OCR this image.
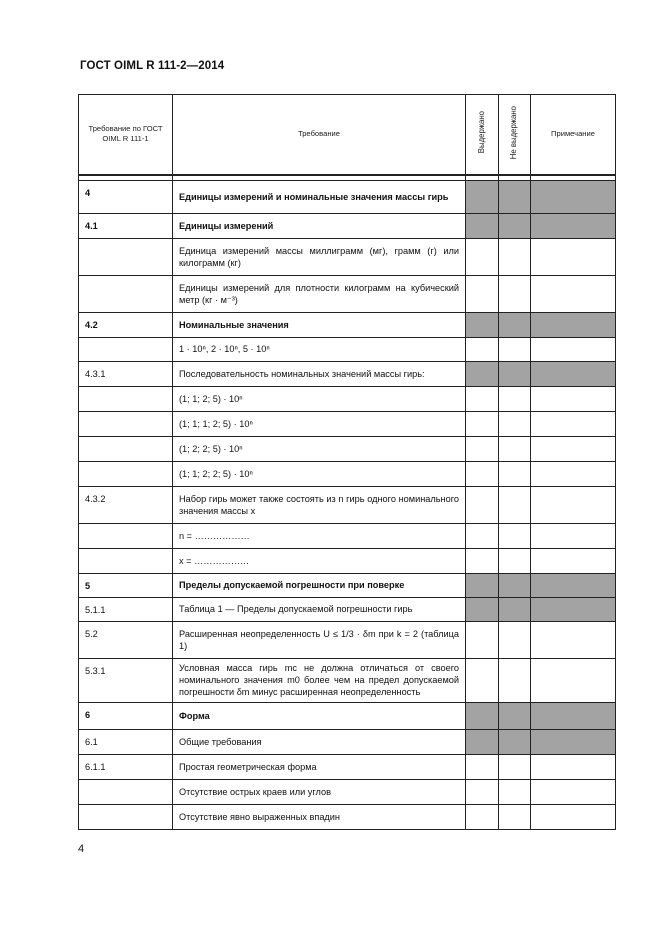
ГОСТ OIML R 111-2—2014
Требование по ГОСТ OIML R 111-1	Требование	Выдержано	Не выдержано	Примечание

4	Единицы измерений и номинальные значения массы гирь			
4.1	Единицы измерений			
	Единица измерений массы миллиграмм (мг), грамм (г) или килограмм (кг)			
	Единицы измерений для плотности килограмм на кубический метр (кг · м⁻³)			
4.2	Номинальные значения			
	1 · 10ⁿ, 2 · 10ⁿ, 5 · 10ⁿ			
4.3.1	Последовательность номинальных значений массы гирь:			
	(1; 1; 2; 5) · 10ⁿ			
	(1; 1; 1; 2; 5) · 10ⁿ			
	(1; 2; 2; 5) · 10ⁿ			
	(1; 1; 2; 2; 5) · 10ⁿ			
4.3.2	Набор гирь может также состоять из n гирь одного номинального значения массы x			
	n = ………………			
	x = ………………			
5	Пределы допускаемой погрешности при поверке			
5.1.1	Таблица 1 — Пределы допускаемой погрешности гирь			
5.2	Расширенная неопределенность U ≤ 1/3 · δm при k = 2 (таблица 1)			
5.3.1	Условная масса гирь mc не должна отличаться от своего номинального значения m0 более чем на предел допускаемой погрешности δm минус расширенная неопределенность			
6	Форма			
6.1	Общие требования			
6.1.1	Простая геометрическая форма			
	Отсутствие острых краев или углов			
	Отсутствие явно выраженных впадин			
4
